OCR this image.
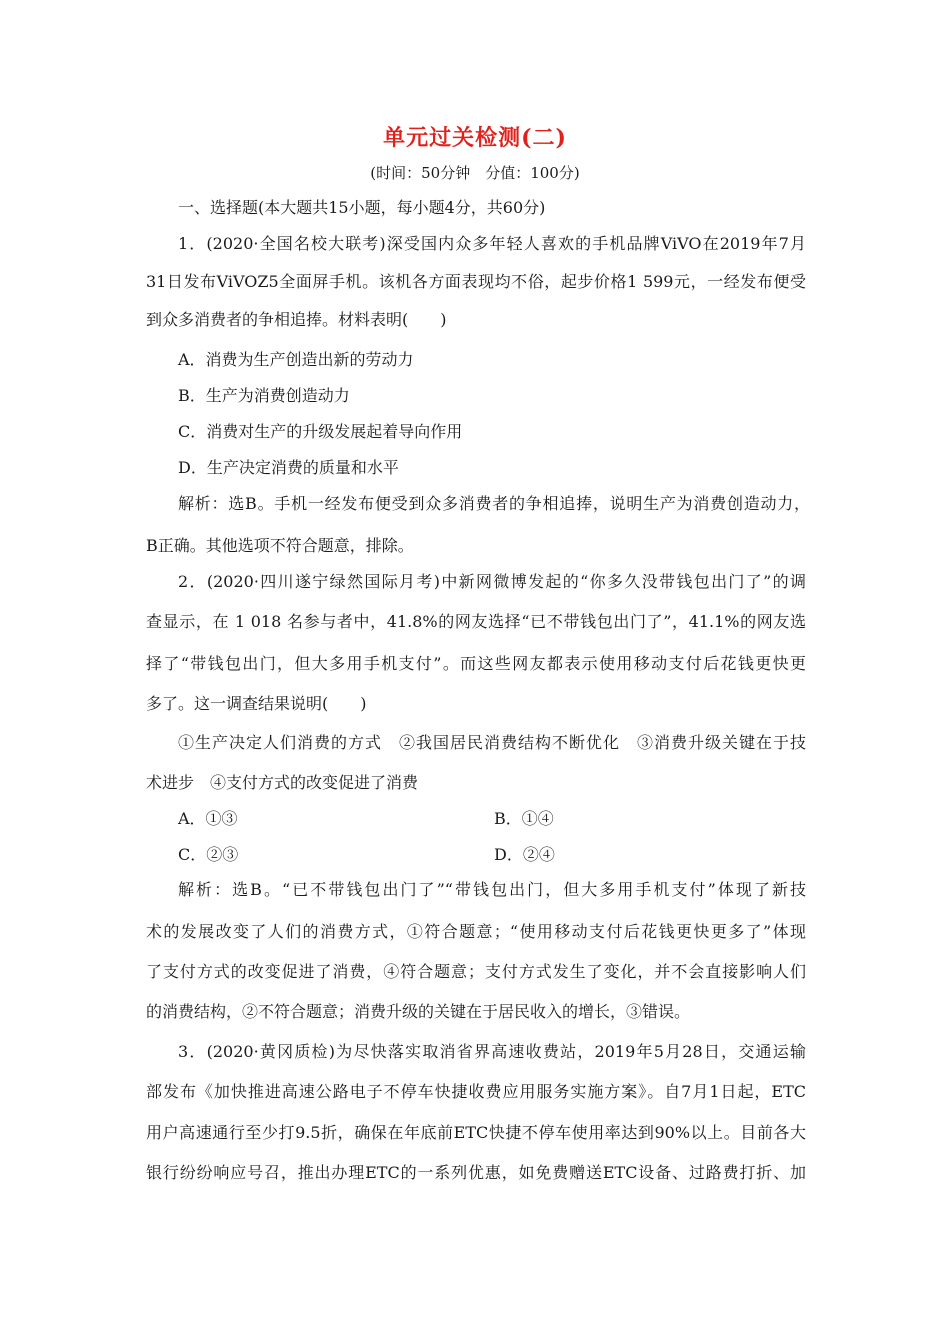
单元过关检测(二)
(时间：50分钟　分值：100分)
一、选择题(本大题共15小题，每小题4分，共60分)
1．(2020·全国名校大联考)深受国内众多年轻人喜欢的手机品牌ViVO在2019年7月
31日发布ViVOZ5全面屏手机。该机各方面表现均不俗，起步价格1 599元，一经发布便受
到众多消费者的争相追捧。材料表明(　　)
A．消费为生产创造出新的劳动力
B．生产为消费创造动力
C．消费对生产的升级发展起着导向作用
D．生产决定消费的质量和水平
解析：选B。手机一经发布便受到众多消费者的争相追捧，说明生产为消费创造动力，
B正确。其他选项不符合题意，排除。
2．(2020·四川遂宁绿然国际月考)中新网微博发起的“你多久没带钱包出门了”的调
查显示，在 1 018 名参与者中，41.8%的网友选择“已不带钱包出门了”，41.1%的网友选
择了“带钱包出门，但大多用手机支付”。而这些网友都表示使用移动支付后花钱更快更
多了。这一调查结果说明(　　)
①生产决定人们消费的方式　②我国居民消费结构不断优化　③消费升级关键在于技
术进步　④支付方式的改变促进了消费
A．①③	B．①④
C．②③	D．②④
解析：选B。“已不带钱包出门了”“带钱包出门，但大多用手机支付”体现了新技
术的发展改变了人们的消费方式，①符合题意；“使用移动支付后花钱更快更多了”体现
了支付方式的改变促进了消费，④符合题意；支付方式发生了变化，并不会直接影响人们
的消费结构，②不符合题意；消费升级的关键在于居民收入的增长，③错误。
3．(2020·黄冈质检)为尽快落实取消省界高速收费站，2019年5月28日，交通运输
部发布《加快推进高速公路电子不停车快捷收费应用服务实施方案》。自7月1日起，ETC
用户高速通行至少打9.5折，确保在年底前ETC快捷不停车使用率达到90%以上。目前各大
银行纷纷响应号召，推出办理ETC的一系列优惠，如免费赠送ETC设备、过路费打折、加
